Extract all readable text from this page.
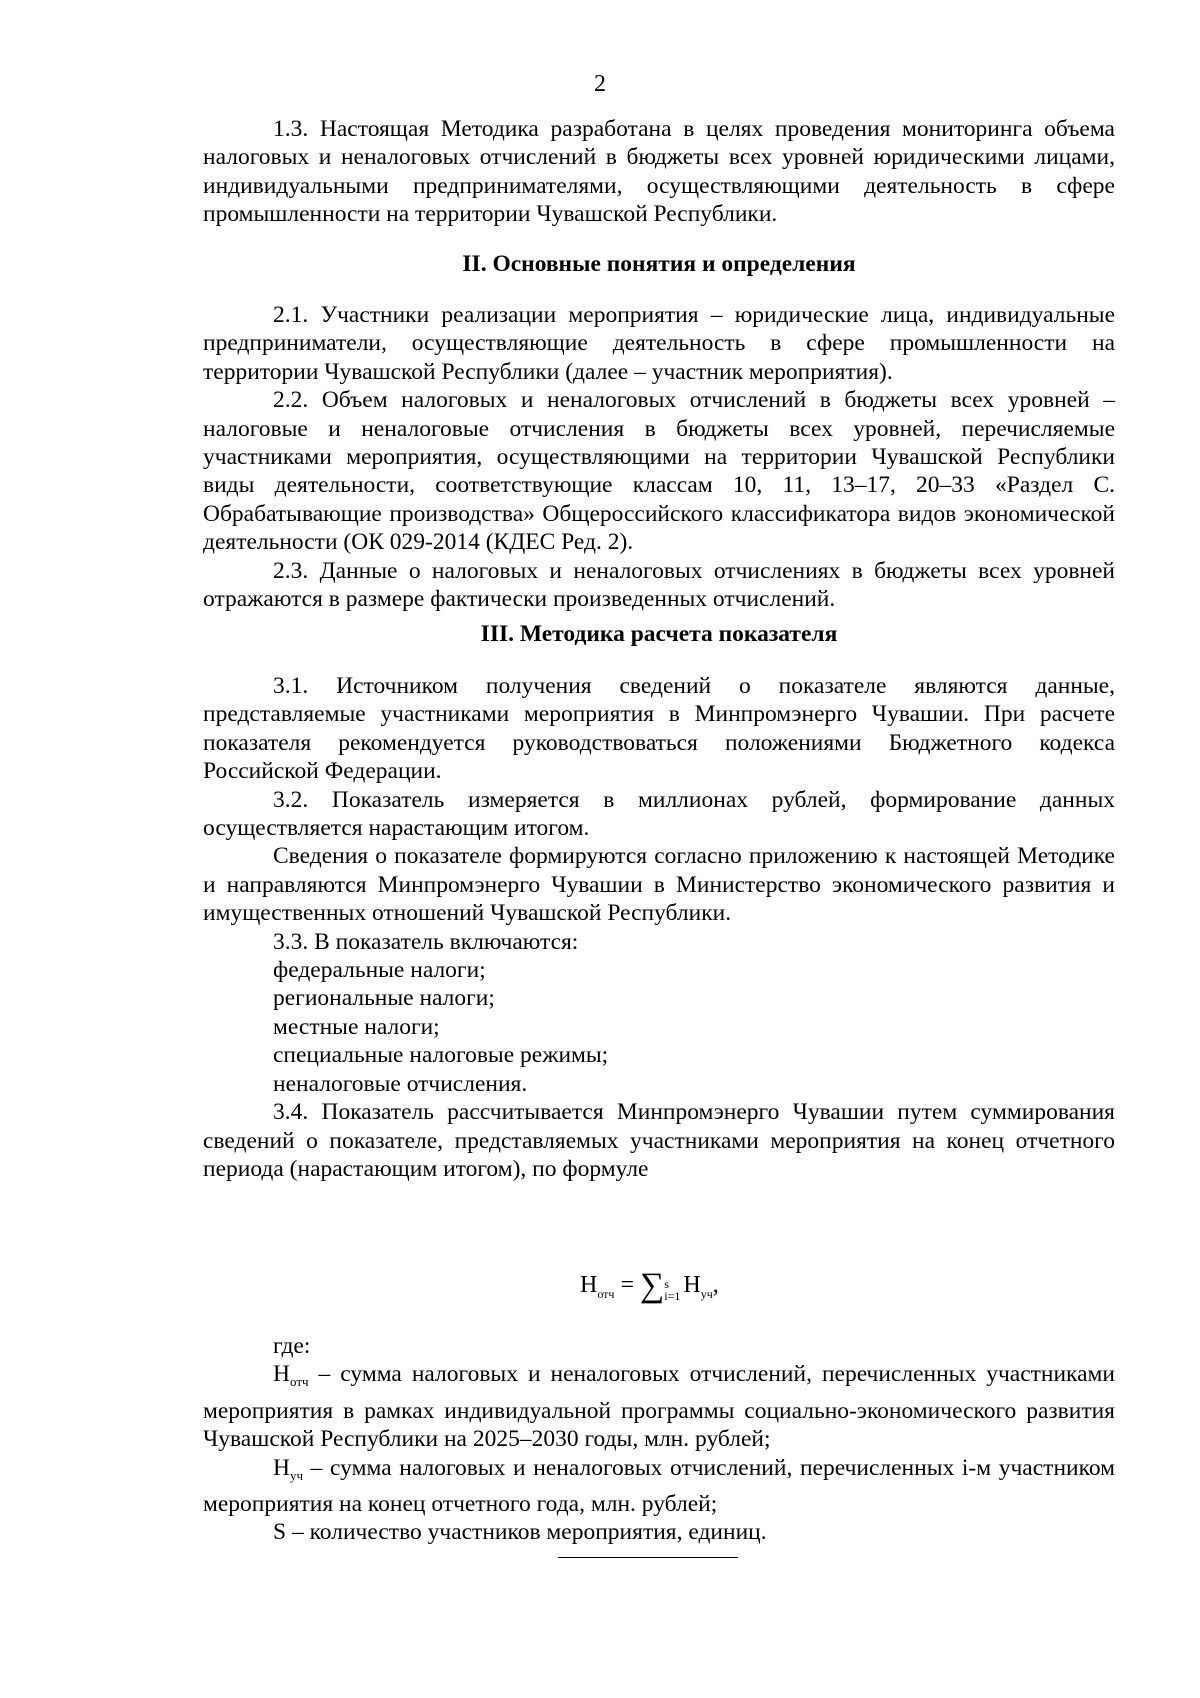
2

1.3. Настоящая Методика разработана в целях проведения мониторинга объема налоговых и неналоговых отчислений в бюджеты всех уровней юридическими лицами, индивидуальными предпринимателями, осуществляющими деятельность в сфере промышленности на территории Чувашской Республики.

II. Основные понятия и определения

2.1. Участники реализации мероприятия – юридические лица, индивидуальные предприниматели, осуществляющие деятельность в сфере промышленности на территории Чувашской Республики (далее – участник мероприятия).

2.2. Объем налоговых и неналоговых отчислений в бюджеты всех уровней – налоговые и неналоговые отчисления в бюджеты всех уровней, перечисляемые участниками мероприятия, осуществляющими на территории Чувашской Республики виды деятельности, соответствующие классам 10, 11, 13–17, 20–33 «Раздел С. Обрабатывающие производства» Общероссийского классификатора видов экономической деятельности (ОК 029-2014 (КДЕС Ред. 2).

2.3. Данные о налоговых и неналоговых отчислениях в бюджеты всех уровней отражаются в размере фактически произведенных отчислений.

III. Методика расчета показателя

3.1. Источником получения сведений о показателе являются данные, представляемые участниками мероприятия в Минпромэнерго Чувашии. При расчете показателя рекомендуется руководствоваться положениями Бюджетного кодекса Российской Федерации.

3.2. Показатель измеряется в миллионах рублей, формирование данных осуществляется нарастающим итогом.

Сведения о показателе формируются согласно приложению к настоящей Методике и направляются Минпромэнерго Чувашии в Министерство экономического развития и имущественных отношений Чувашской Республики.

3.3. В показатель включаются:

федеральные налоги;

региональные налоги;

местные налоги;

специальные налоговые режимы;

неналоговые отчисления.

3.4. Показатель рассчитывается Минпромэнерго Чувашии путем суммирования сведений о показателе, представляемых участниками мероприятия на конец отчетного периода (нарастающим итогом), по формуле

$Н_{отч}$ = ∑ s
i=1 $Н_{уч}$,

где:

$Н_{отч}$ – сумма налоговых и неналоговых отчислений, перечисленных участниками мероприятия в рамках индивидуальной программы социально-экономического развития Чувашской Республики на 2025–2030 годы, млн. рублей;

$Н_{уч}$ – сумма налоговых и неналоговых отчислений, перечисленных i-м участником мероприятия на конец отчетного года, млн. рублей;

S – количество участников мероприятия, единиц.
